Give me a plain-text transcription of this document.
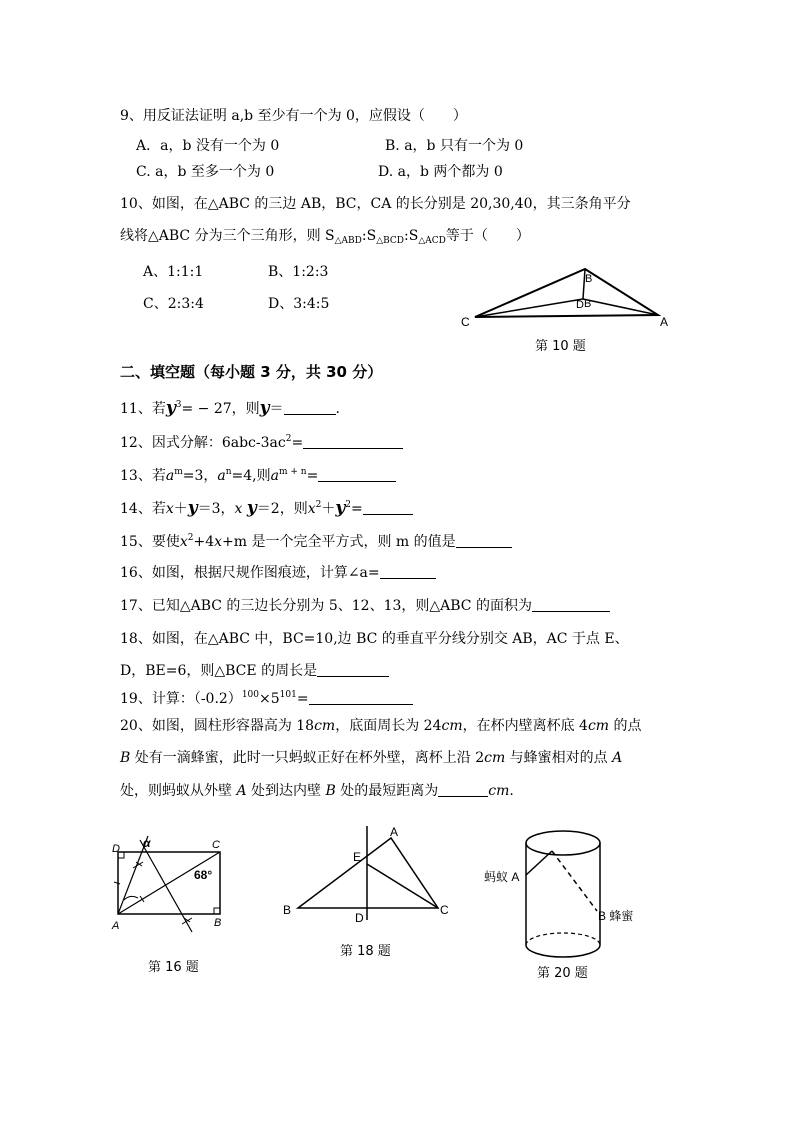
9、用反证法证明 a,b 至少有一个为 0，应假设（　　）
A．a，b 没有一个为 0	B. a，b 只有一个为 0
C. a，b 至多一个为 0	D. a，b 两个都为 0
10、如图，在△ABC 的三边 AB，BC，CA 的长分别是 20,30,40，其三条角平分
线将△ABC 分为三个三角形，则 $S_{\triangle ABD}:S_{\triangle BCD}:S_{\triangle ACD}$等于（　　）
A、1:1:1	B、1:2:3
C、2:3:4	D、3:4:5
B
D B
C	A
第 10 题
二、填空题（每小题 3 分，共 30 分）
11、若$y^3= - 27$，则y＝	.
12、因式分解：$6abc-3ac^2=$
13、若$a^m=3$，$a^n=4$,则$a^{m + n}=$
14、若x＋y＝3，x y＝2，则$x^2+y^2=$
15、要使$x^2+4x+m$ 是一个完全平方式，则 m 的值是
16、如图，根据尺规作图痕迹，计算∠a=
17、已知△ABC 的三边长分别为 5、12、13，则△ABC 的面积为
18、如图，在△ABC 中，BC=10,边 BC 的垂直平分线分别交 AB，AC 于点 E、
D，BE=6，则△BCE 的周长是
19、计算：$(-0.2)^{100}\times 5^{101}=$
20、如图，圆柱形容器高为 18cm，底面周长为 24cm，在杯内壁离杯底 4cm 的点
B 处有一滴蜂蜜，此时一只蚂蚁正好在杯外壁，离杯上沿 2cm 与蜂蜜相对的点 A
处，则蚂蚁从外壁 A 处到达内壁 B 处的最短距离为	cm.
D	C
A	B
α
68°
第 16 题
A
E
B
D
C
第 18 题
蚂蚁 A
B 蜂蜜
第 20 题
